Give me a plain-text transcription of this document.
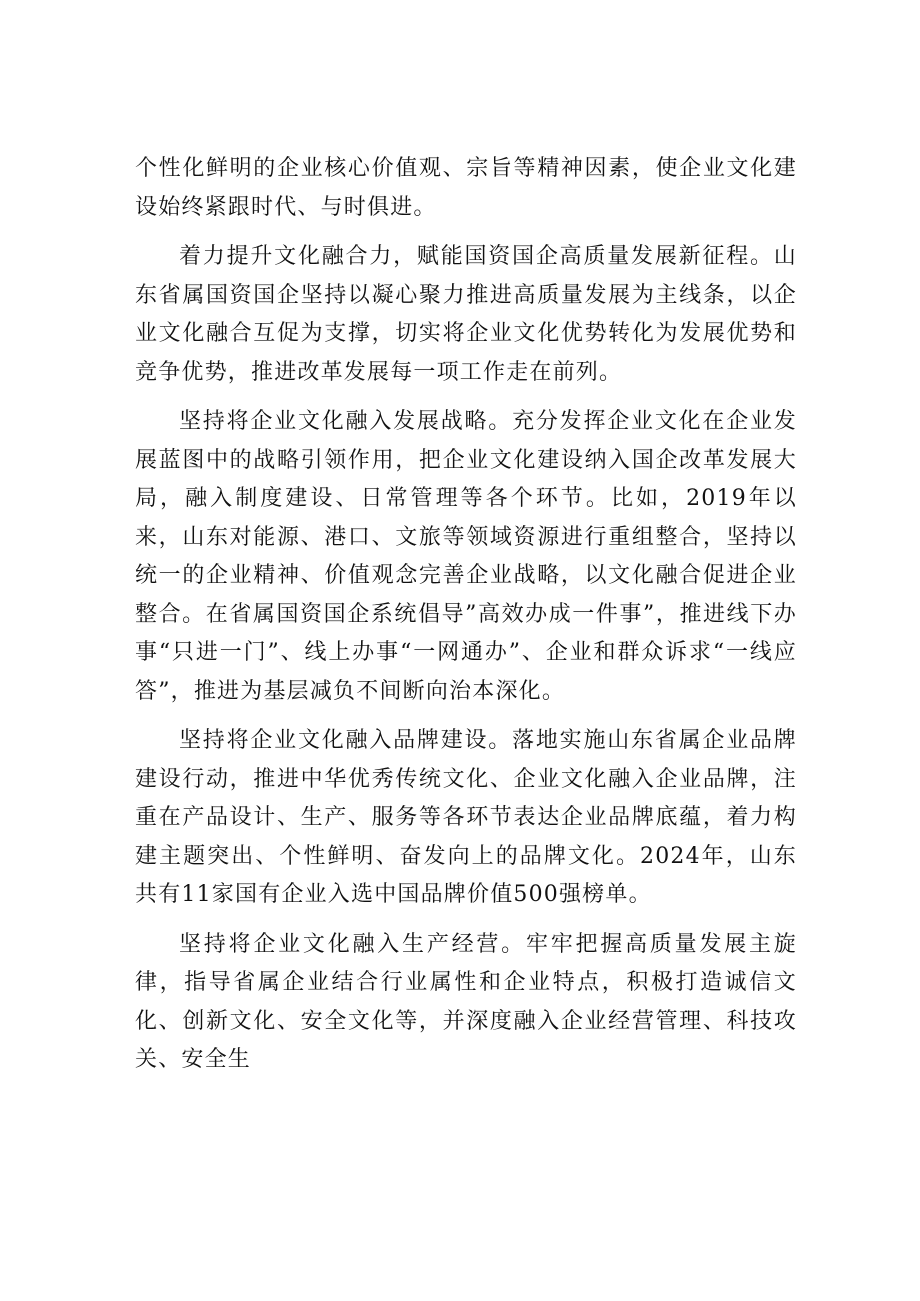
个性化鲜明的企业核心价值观、宗旨等精神因素，使企业文化建设始终紧跟时代、与时俱进。

着力提升文化融合力，赋能国资国企高质量发展新征程。山东省属国资国企坚持以凝心聚力推进高质量发展为主线条，以企业文化融合互促为支撑，切实将企业文化优势转化为发展优势和竞争优势，推进改革发展每一项工作走在前列。

坚持将企业文化融入发展战略。充分发挥企业文化在企业发展蓝图中的战略引领作用，把企业文化建设纳入国企改革发展大局，融入制度建设、日常管理等各个环节。比如，2019年以来，山东对能源、港口、文旅等领域资源进行重组整合，坚持以统一的企业精神、价值观念完善企业战略，以文化融合促进企业整合。在省属国资国企系统倡导”高效办成一件事”，推进线下办事“只进一门”、线上办事“一网通办”、企业和群众诉求“一线应答”，推进为基层减负不间断向治本深化。

坚持将企业文化融入品牌建设。落地实施山东省属企业品牌建设行动，推进中华优秀传统文化、企业文化融入企业品牌，注重在产品设计、生产、服务等各环节表达企业品牌底蕴，着力构建主题突出、个性鲜明、奋发向上的品牌文化。2024年，山东共有11家国有企业入选中国品牌价值500强榜单。

坚持将企业文化融入生产经营。牢牢把握高质量发展主旋律，指导省属企业结合行业属性和企业特点，积极打造诚信文化、创新文化、安全文化等，并深度融入企业经营管理、科技攻关、安全生
